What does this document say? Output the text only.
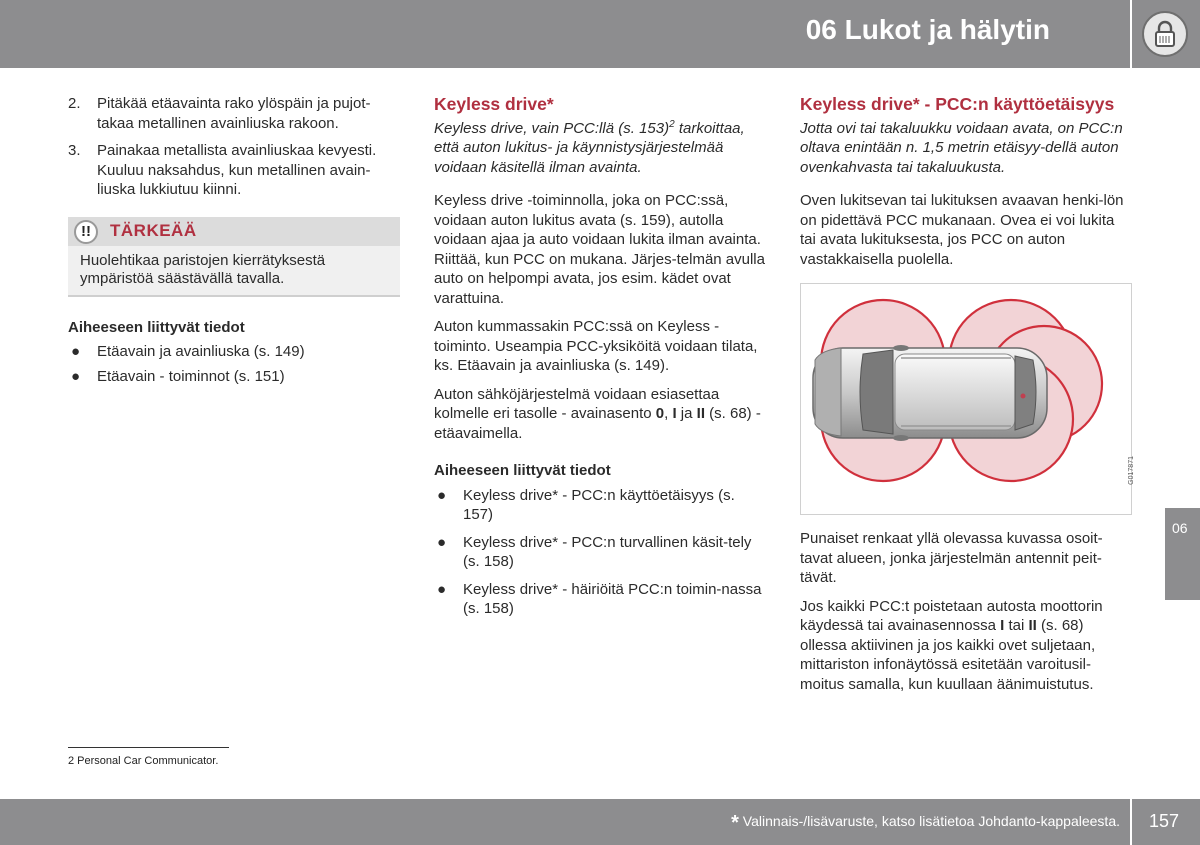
06 Lukot ja hälytin
06
2.	Pitäkää etäavainta rako ylöspäin ja pujot-takaa metallinen avainliuska rakoon.
3.	Painakaa metallista avainliuskaa kevyesti. Kuuluu naksahdus, kun metallinen avain-liuska lukkiutuu kiinni.
!!	TÄRKEÄÄ
Huolehtikaa paristojen kierrätyksestä ympäristöä säästävällä tavalla.
Aiheeseen liittyvät tiedot
●	Etäavain ja avainliuska (s. 149)
●	Etäavain - toiminnot (s. 151)
Keyless drive*
Keyless drive, vain PCC:llä (s. 153)$^2$ tarkoittaa, että auton lukitus- ja käynnistysjärjestelmää voidaan käsitellä ilman avainta.
Keyless drive -toiminnolla, joka on PCC:ssä, voidaan auton lukitus avata (s. 159), autolla voidaan ajaa ja auto voidaan lukita ilman avainta. Riittää, kun PCC on mukana. Järjes-telmän avulla auto on helpompi avata, jos esim. kädet ovat varattuina.
Auton kummassakin PCC:ssä on Keyless -toiminto. Useampia PCC-yksiköitä voidaan tilata, ks. Etäavain ja avainliuska (s. 149).
Auton sähköjärjestelmä voidaan esiasettaa kolmelle eri tasolle - avainasento 0, I ja II (s. 68) - etäavaimella.
Aiheeseen liittyvät tiedot
●	Keyless drive* - PCC:n käyttöetäisyys (s. 157)
●	Keyless drive* - PCC:n turvallinen käsit-tely (s. 158)
●	Keyless drive* - häiriöitä PCC:n toimin-nassa (s. 158)
Keyless drive* - PCC:n käyttöetäisyys
Jotta ovi tai takaluukku voidaan avata, on PCC:n oltava enintään n. 1,5 metrin etäisyy-dellä auton ovenkahvasta tai takaluukusta.
Oven lukitsevan tai lukituksen avaavan henki-lön on pidettävä PCC mukanaan. Ovea ei voi lukita tai avata lukituksesta, jos PCC on auton vastakkaisella puolella.
G017871
Punaiset renkaat yllä olevassa kuvassa osoit-tavat alueen, jonka järjestelmän antennit peit-tävät.
Jos kaikki PCC:t poistetaan autosta moottorin käydessä tai avainasennossa I tai II (s. 68) ollessa aktiivinen ja jos kaikki ovet suljetaan, mittariston infonäytössä esitetään varoitusil-moitus samalla, kun kuullaan äänimuistutus.
2 Personal Car Communicator.
* Valinnais-/lisävaruste, katso lisätietoa Johdanto-kappaleesta. 157
